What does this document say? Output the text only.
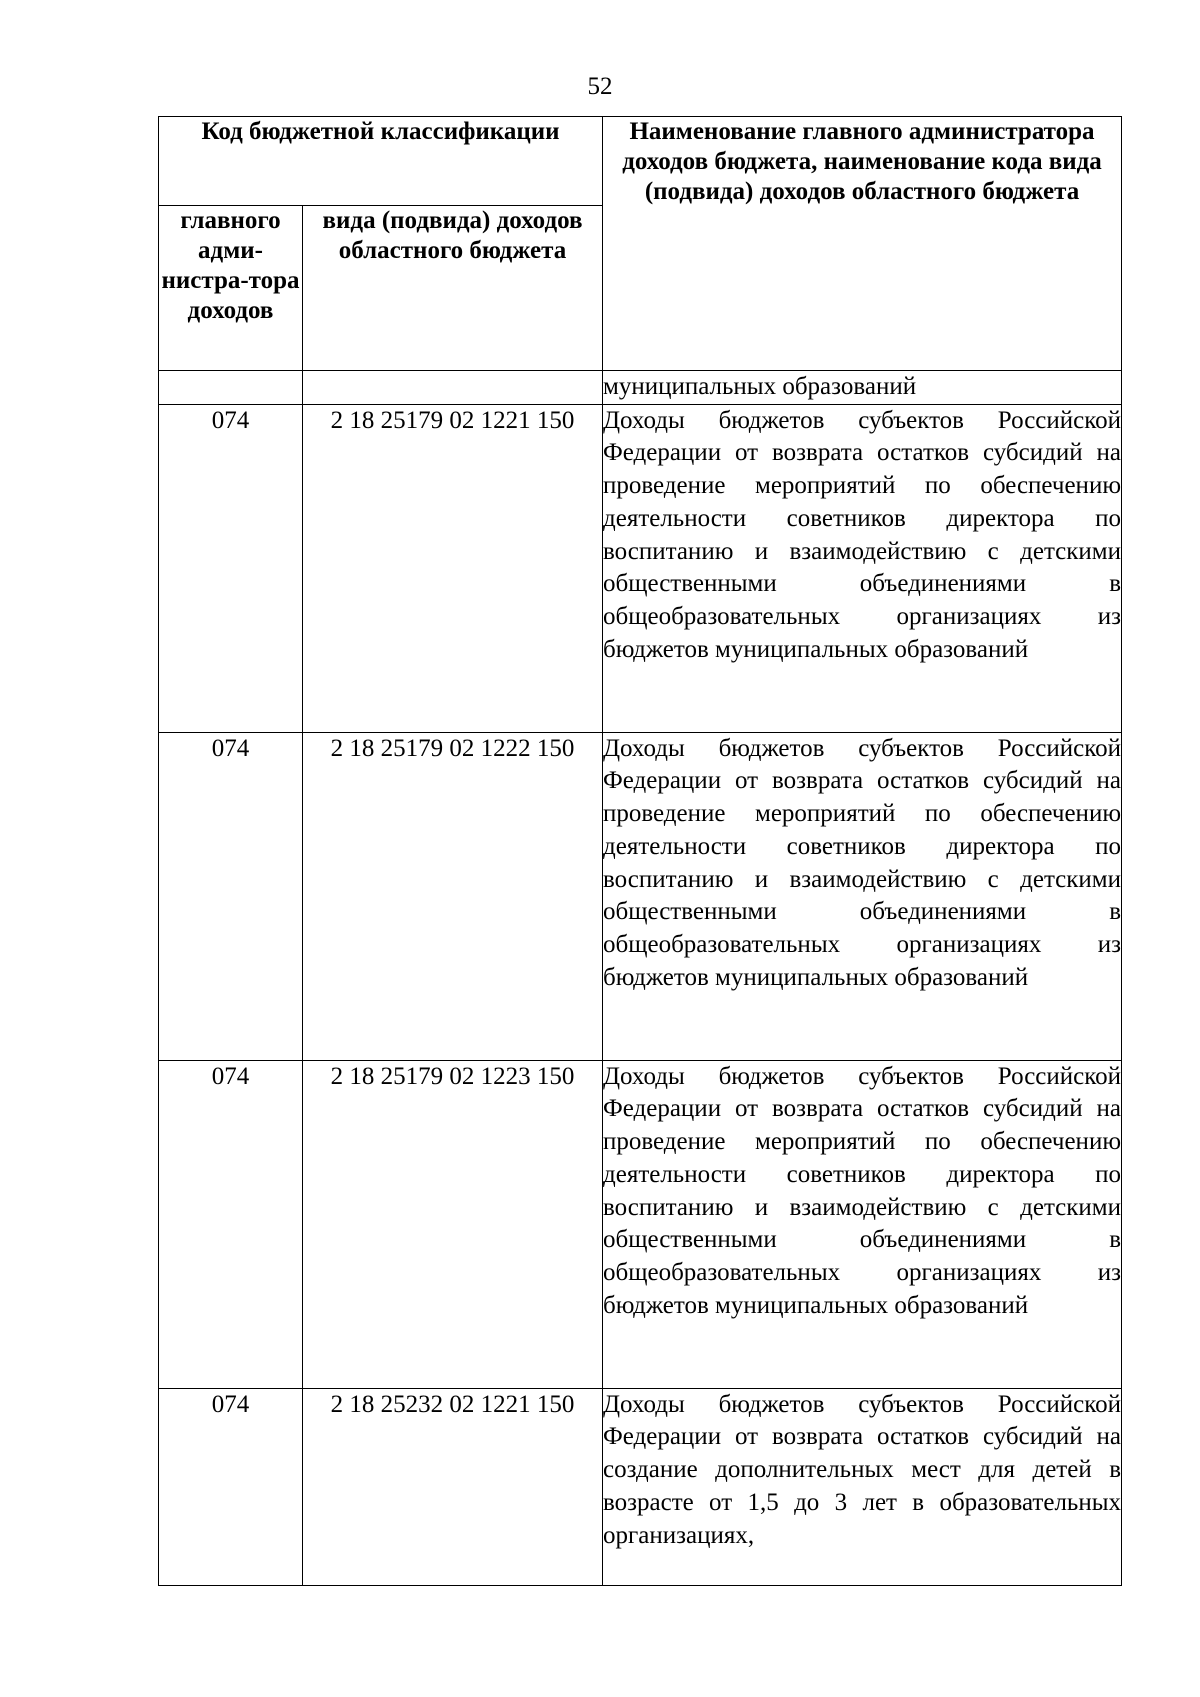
52
Код бюджетной классификации		Наименование главного администратора доходов бюджета, наименование кода вида (подвида) доходов областного бюджета
главного адми-нистра-тора доходов	вида (подвида) доходов областного бюджета	
		муниципальных образований
074	2 18 25179 02 1221 150	Доходы бюджетов субъектов Российской Федерации от возврата остатков субсидий на проведение мероприятий по обеспечению деятельности советников директора по воспитанию и взаимодействию с детскими общественными объединениями в общеобразовательных организациях из бюджетов муниципальных образований
074	2 18 25179 02 1222 150	Доходы бюджетов субъектов Российской Федерации от возврата остатков субсидий на проведение мероприятий по обеспечению деятельности советников директора по воспитанию и взаимодействию с детскими общественными объединениями в общеобразовательных организациях из бюджетов муниципальных образований
074	2 18 25179 02 1223 150	Доходы бюджетов субъектов Российской Федерации от возврата остатков субсидий на проведение мероприятий по обеспечению деятельности советников директора по воспитанию и взаимодействию с детскими общественными объединениями в общеобразовательных организациях из бюджетов муниципальных образований
074	2 18 25232 02 1221 150	Доходы бюджетов субъектов Российской Федерации от возврата остатков субсидий на создание дополнительных мест для детей в возрасте от 1,5 до 3 лет в образовательных организациях,
